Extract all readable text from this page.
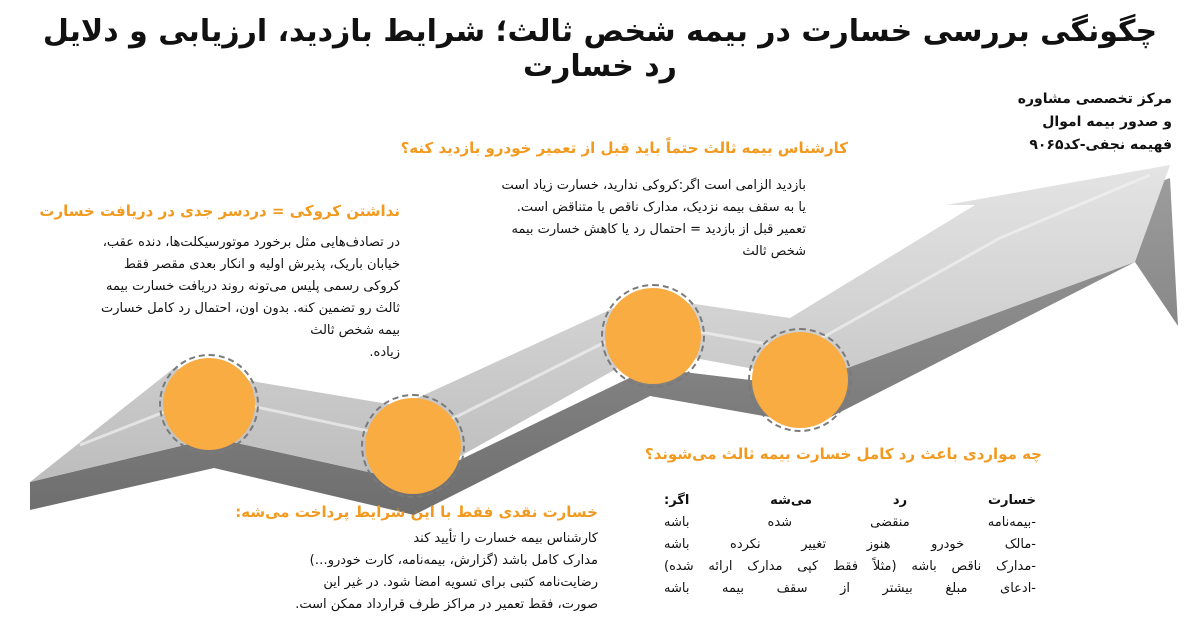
چگونگی بررسی خسارت در بیمه شخص ثالث؛ شرایط بازدید، ارزیابی و دلایل رد خسارت
مرکز تخصصی مشاوره
و صدور بیمه اموال
فهیمه نجفی-کد۹۰۶۵
نداشتن کروکی = دردسر جدی در دریافت خسارت
در تصادف‌هایی مثل برخورد موتورسیکلت‌ها، دنده عقب،
خیابان باریک، پذیرش اولیه و انکار بعدی مقصر فقط
کروکی رسمی پلیس می‌تونه روند دریافت خسارت بیمه
ثالث رو تضمین کنه. بدون اون، احتمال رد کامل خسارت
بیمه شخص ثالث
زیاده.
کارشناس بیمه ثالث حتماً باید قبل از تعمیر خودرو بازدید کنه؟
بازدید الزامی است اگر:کروکی ندارید، خسارت زیاد است
یا به سقف بیمه نزدیک، مدارک ناقص یا متناقض است.
تعمیر قبل از بازدید = احتمال رد یا کاهش خسارت بیمه
شخص ثالث
خسارت نقدی فقط با این شرایط پرداخت می‌شه:
کارشناس بیمه خسارت را تأیید کند
مدارک کامل باشد (گزارش، بیمه‌نامه، کارت خودرو…)
رضایت‌نامه کتبی برای تسویه امضا شود. در غیر این
صورت، فقط تعمیر در مراکز طرف قرارداد ممکن است.
چه مواردی باعث رد کامل خسارت بیمه ثالث می‌شوند؟
خسارت رد می‌شه اگر:
-بیمه‌نامه منقضی شده باشه
-مالک خودرو هنوز تغییر نکرده باشه
-مدارک ناقص باشه (مثلاً فقط کپی مدارک ارائه شده)
-ادعای مبلغ بیشتر از سقف بیمه باشه
